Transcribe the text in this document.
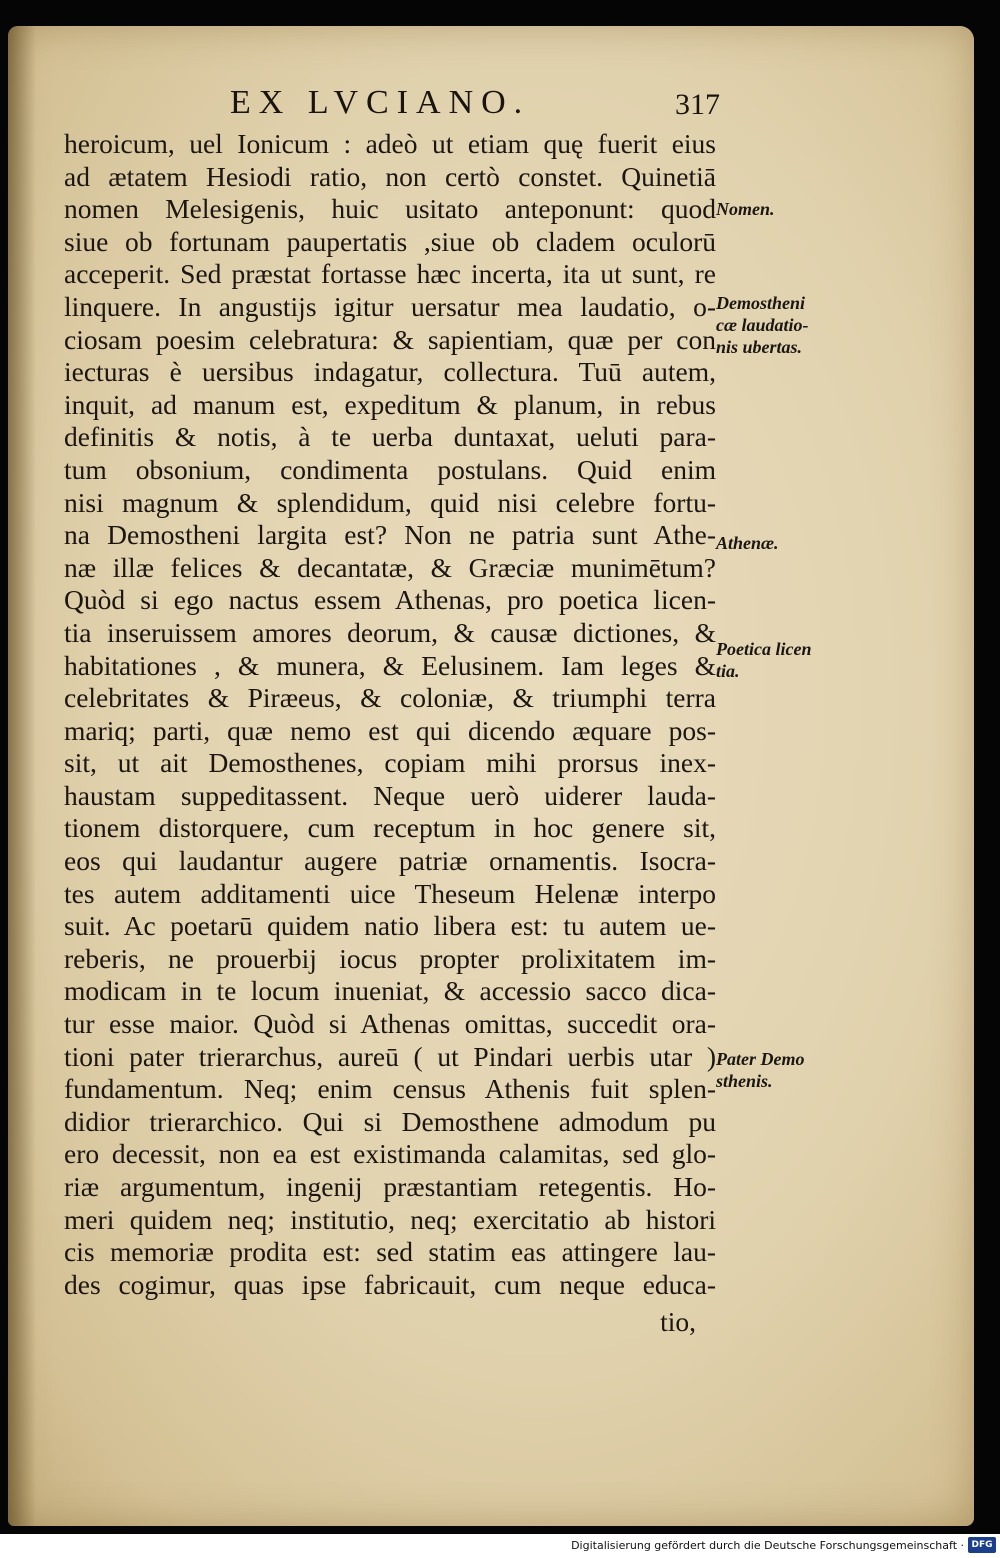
EX LVCIANO.	317
heroicum, uel Ionicum : adeò ut etiam quę fuerit eius
ad ætatem Hesiodi ratio, non certò constet. Quinetiā
nomen Melesigenis, huic usitato anteponunt: quod
siue ob fortunam paupertatis ,siue ob cladem oculorū
acceperit. Sed præstat fortasse hæc incerta, ita ut sunt, re
linquere. In angustijs igitur uersatur mea laudatio, o-
ciosam poesim celebratura: & sapientiam, quæ per con
iecturas è uersibus indagatur, collectura. Tuū autem,
inquit, ad manum est, expeditum & planum, in rebus
definitis & notis, à te uerba duntaxat, ueluti para-
tum obsonium, condimenta postulans. Quid enim
nisi magnum & splendidum, quid nisi celebre fortu-
na Demostheni largita est? Non ne patria sunt Athe-
næ illæ felices & decantatæ, & Græciæ munimētum?
Quòd si ego nactus essem Athenas, pro poetica licen-
tia inseruissem amores deorum, & causæ dictiones, &
habitationes , & munera, & Eelusinem. Iam leges &
celebritates & Piræeus, & coloniæ, & triumphi terra
mariq; parti, quæ nemo est qui dicendo æquare pos-
sit, ut ait Demosthenes, copiam mihi prorsus inex-
haustam suppeditassent. Neque uerò uiderer lauda-
tionem distorquere, cum receptum in hoc genere sit,
eos qui laudantur augere patriæ ornamentis. Isocra-
tes autem additamenti uice Theseum Helenæ interpo
suit. Ac poetarū quidem natio libera est: tu autem ue-
reberis, ne prouerbij iocus propter prolixitatem im-
modicam in te locum inueniat, & accessio sacco dica-
tur esse maior. Quòd si Athenas omittas, succedit ora-
tioni pater trierarchus, aureū ( ut Pindari uerbis utar )
fundamentum. Neq; enim census Athenis fuit splen-
didior trierarchico. Qui si Demosthene admodum pu
ero decessit, non ea est existimanda calamitas, sed glo-
riæ argumentum, ingenij præstantiam retegentis. Ho-
meri quidem neq; institutio, neq; exercitatio ab histori
cis memoriæ prodita est: sed statim eas attingere lau-
des cogimur, quas ipse fabricauit, cum neque educa-
tio,
Nomen.
Demostheni
cæ laudatio-
nis ubertas.
Athenæ.
Poetica licen
tia.
Pater Demo
sthenis.
Digitalisierung gefördert durch die Deutsche Forschungsgemeinschaft · DFG
